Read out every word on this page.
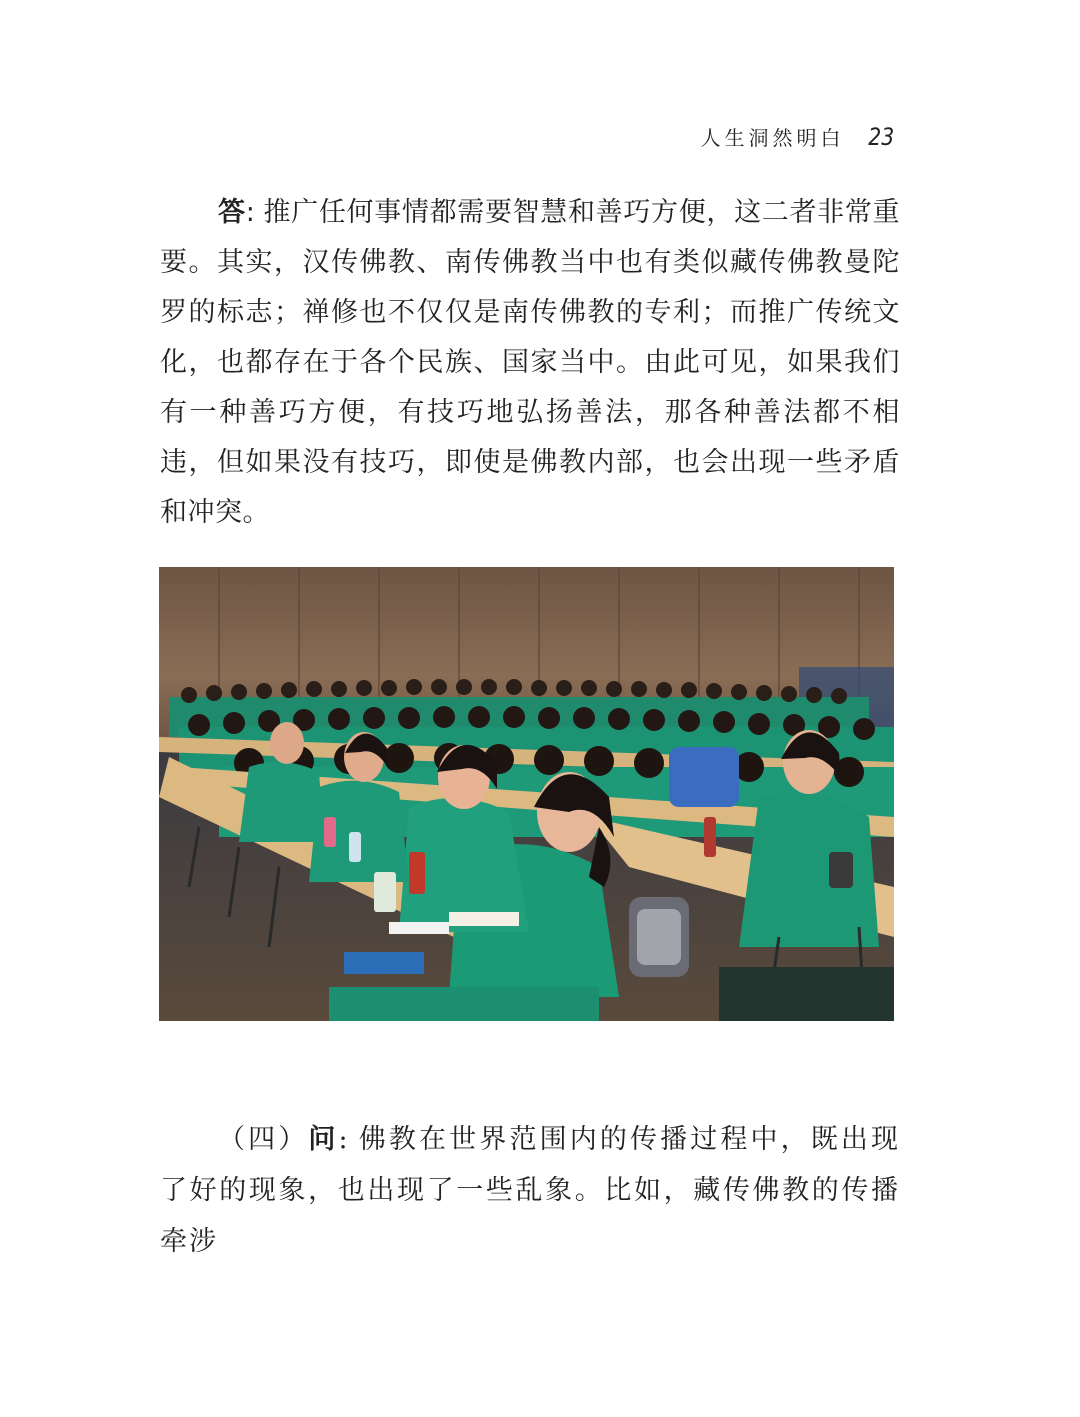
人生洞然明白 23

答: 推广任何事情都需要智慧和善巧方便，这二者非常重要。其实，汉传佛教、南传佛教当中也有类似藏传佛教曼陀罗的标志；禅修也不仅仅是南传佛教的专利；而推广传统文化，也都存在于各个民族、国家当中。由此可见，如果我们有一种善巧方便，有技巧地弘扬善法，那各种善法都不相违，但如果没有技巧，即使是佛教内部，也会出现一些矛盾和冲突。

（四）问: 佛教在世界范围内的传播过程中，既出现了好的现象，也出现了一些乱象。比如，藏传佛教的传播牵涉
